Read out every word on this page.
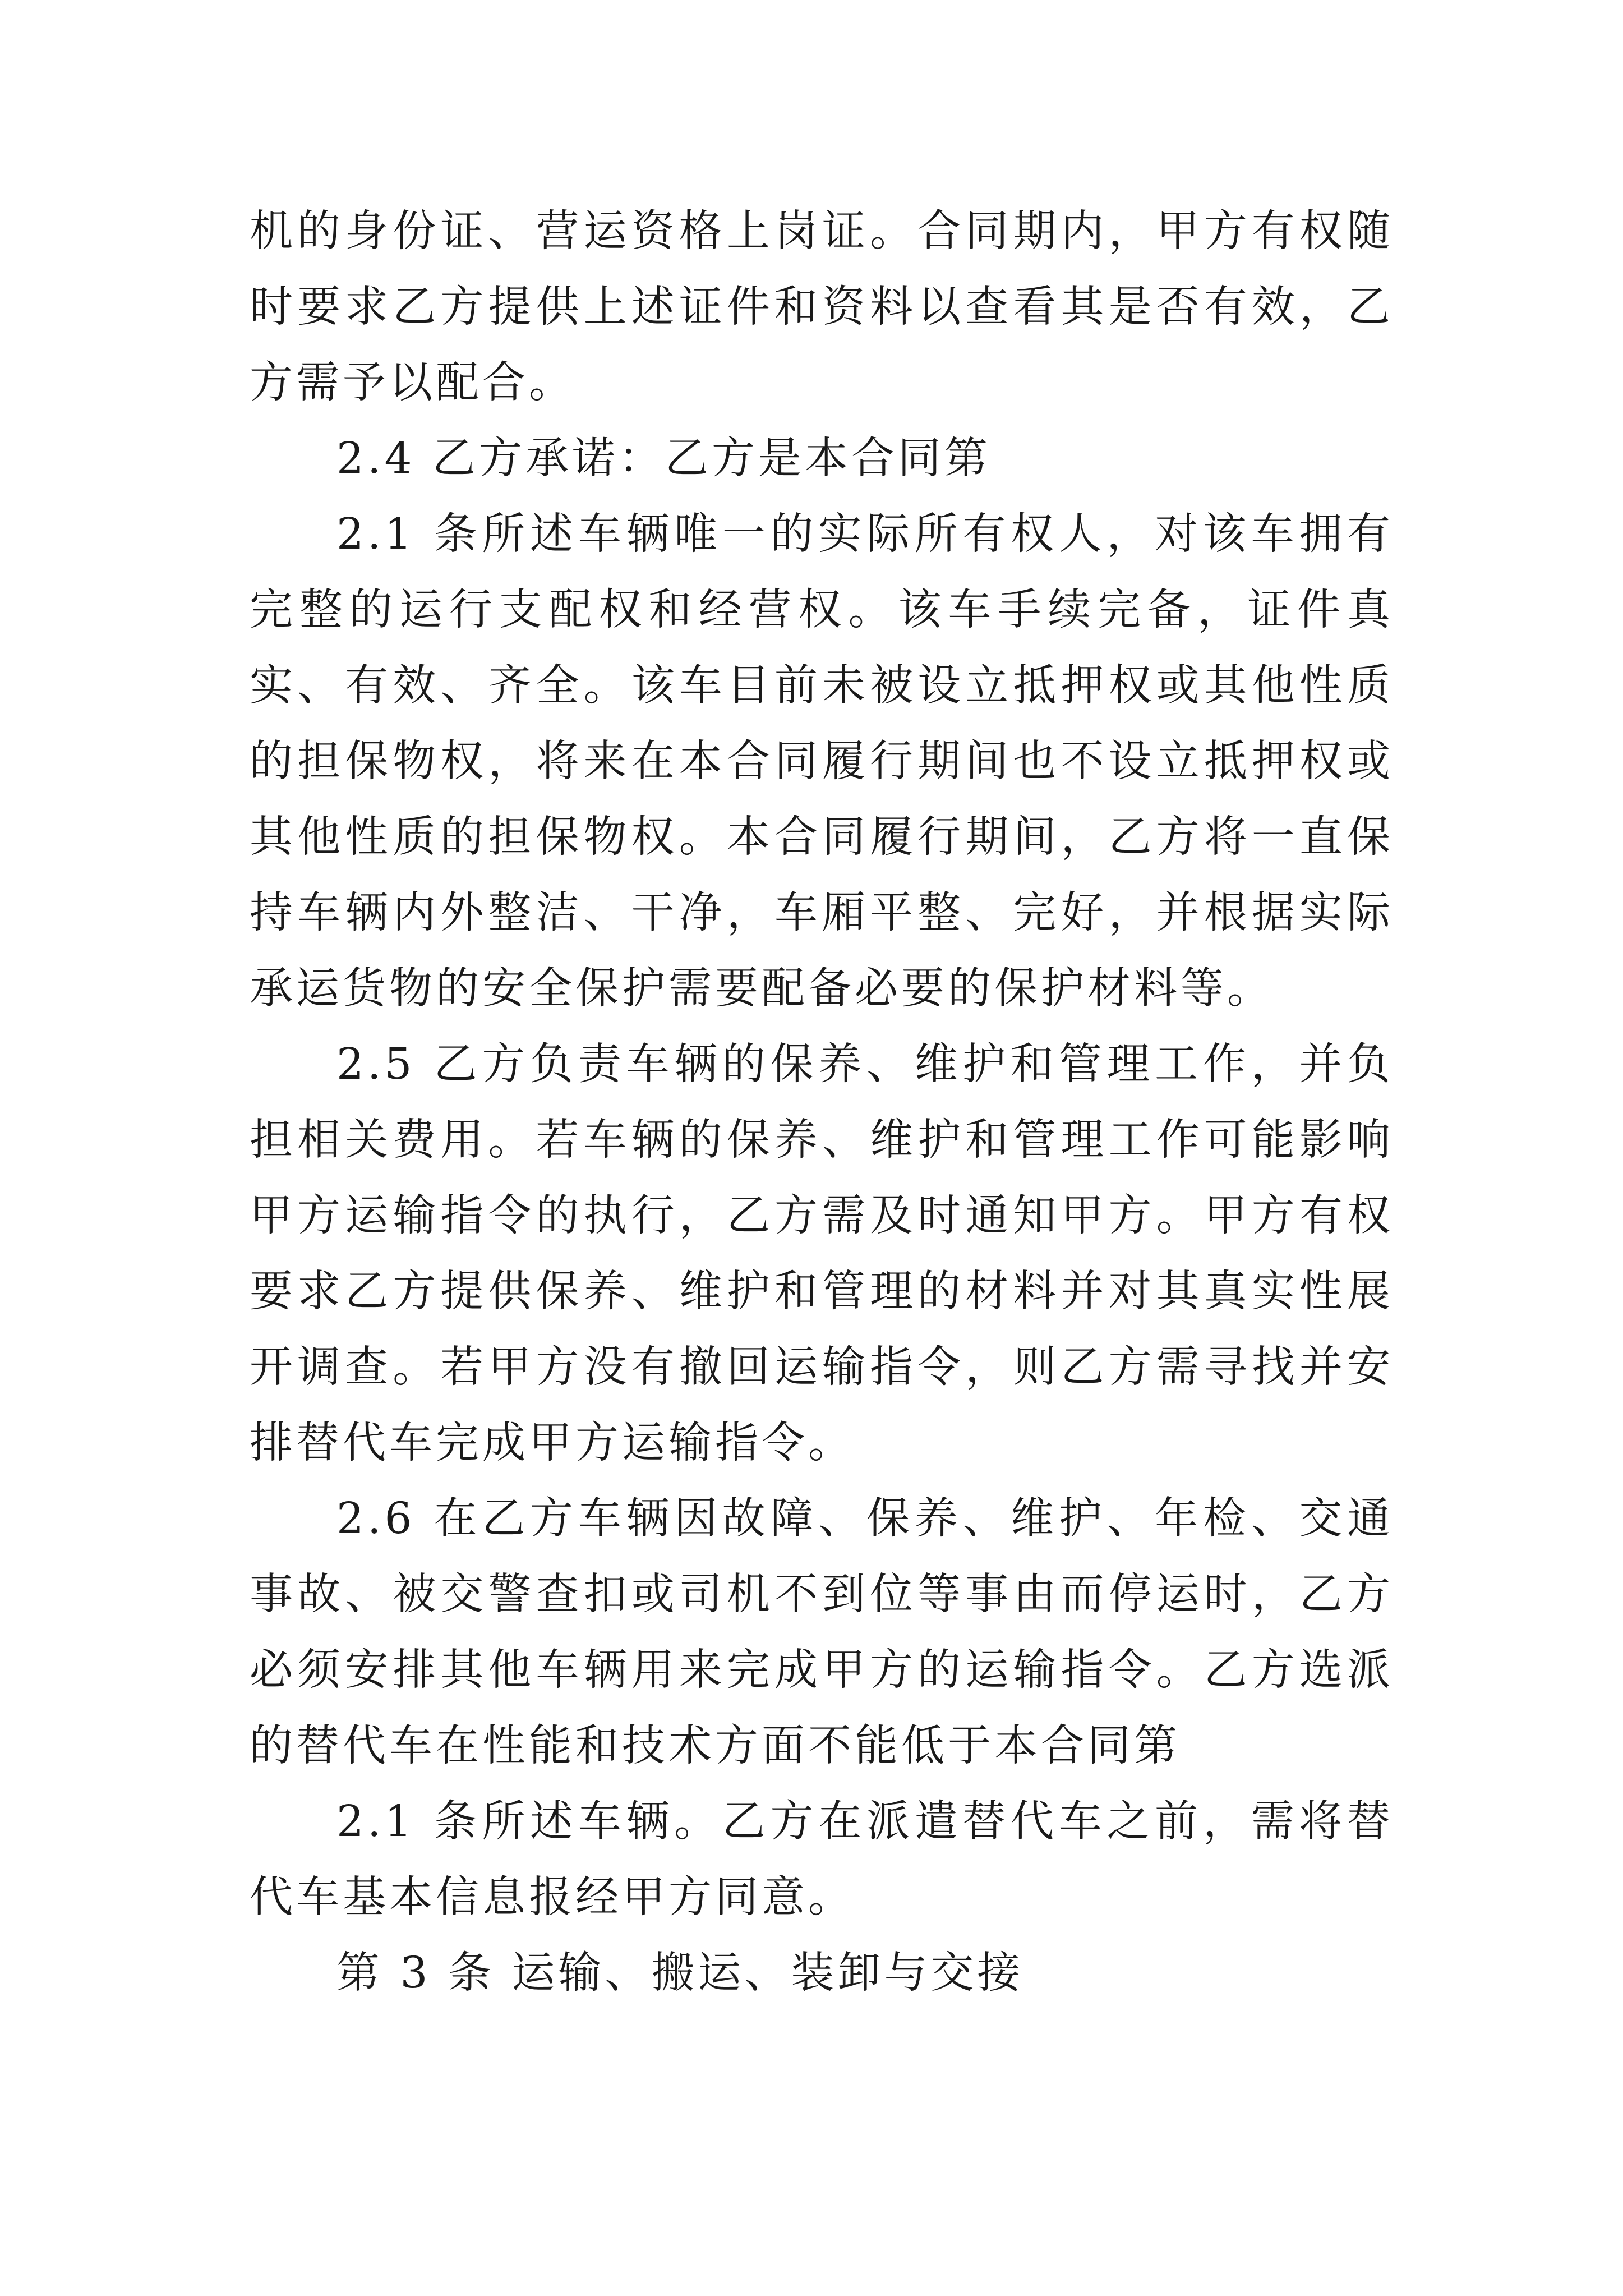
机的身份证、营运资格上岗证。合同期内，甲方有权随时要求乙方提供上述证件和资料以查看其是否有效，乙方需予以配合。

2.4 乙方承诺：乙方是本合同第

2.1 条所述车辆唯一的实际所有权人，对该车拥有完整的运行支配权和经营权。该车手续完备，证件真实、有效、齐全。该车目前未被设立抵押权或其他性质的担保物权，将来在本合同履行期间也不设立抵押权或其他性质的担保物权。本合同履行期间，乙方将一直保持车辆内外整洁、干净，车厢平整、完好，并根据实际承运货物的安全保护需要配备必要的保护材料等。

2.5 乙方负责车辆的保养、维护和管理工作，并负担相关费用。若车辆的保养、维护和管理工作可能影响甲方运输指令的执行，乙方需及时通知甲方。甲方有权要求乙方提供保养、维护和管理的材料并对其真实性展开调查。若甲方没有撤回运输指令，则乙方需寻找并安排替代车完成甲方运输指令。

2.6 在乙方车辆因故障、保养、维护、年检、交通事故、被交警查扣或司机不到位等事由而停运时，乙方必须安排其他车辆用来完成甲方的运输指令。乙方选派的替代车在性能和技术方面不能低于本合同第

2.1 条所述车辆。乙方在派遣替代车之前，需将替代车基本信息报经甲方同意。

第 3 条 运输、搬运、装卸与交接
